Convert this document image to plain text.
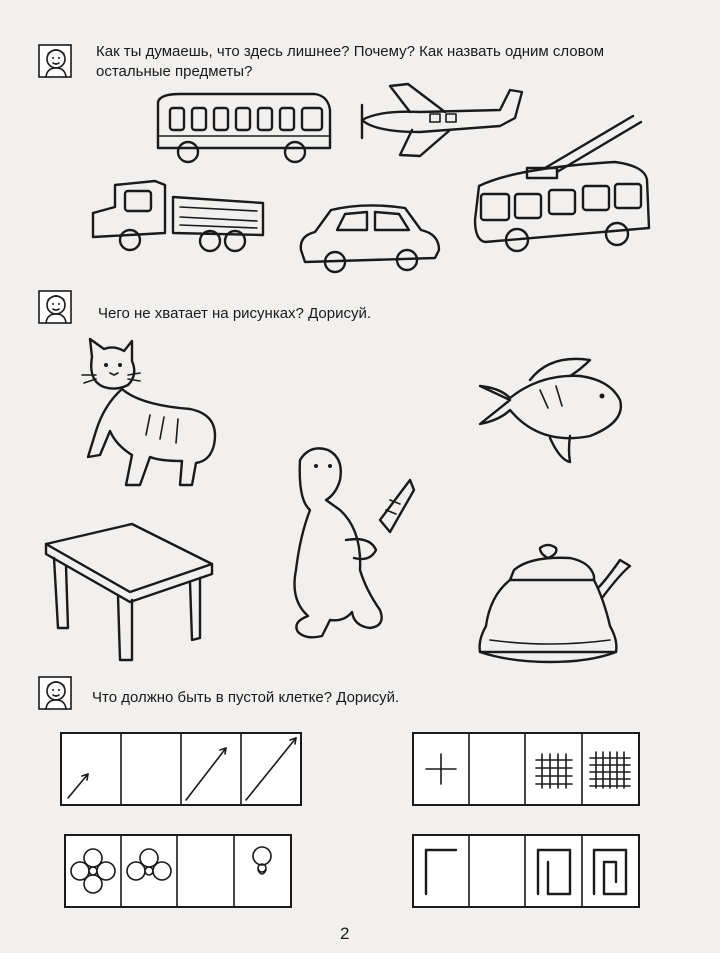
Как ты думаешь, что здесь лишнее? Почему? Как назвать одним словом остальные предметы?
Чего не хватает на рисунках? Дорисуй.
Что должно быть в пустой клетке? Дорисуй.
2
